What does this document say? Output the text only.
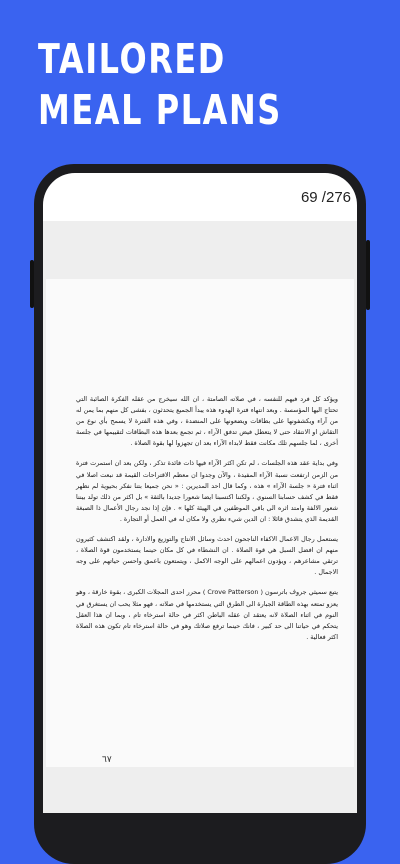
TAILORED
MEAL PLANS
69 /276

ويؤكد كل فرد فيهم للنفسه ، في صلاته الصامتة ، ان الله سيخرج من عقله الفكرة الصائبة التي تحتاج اليها المؤسسة . وبعد انتهاء فترة الهدوء هذه يبدأ الجميع يتحدثون ، بفشى كل منهم بما يمن له من آراء ويكشفونها على بطاقات ويضعونها على المنضدة ، وفي هذه الفترة لا يسمح بأي نوع من التقاش او الانتقاد حتى لا يتعطل فيض تدفق الآراء ، ثم تجمع بعدها هذه البطاقات لتقييمها في جلسة أخرى ، لما جلسهم تلك مكانت فقط لابداء الآراء بعد ان تجهزوا لها بقوة الصلاة .

وفي بداية عقد هذه الجلسات ، لم تكن اكثر الآراء فيها ذات فائدة تذكر ، ولكن بعد ان استمرت فترة من الزمن ارتفعت نسبة الآراء المفيدة ، والآن وجدوا ان معظم الاقتراحات القيمة قد نبعت اصلا في اثناء فترة « جلسة الآراء » هذه ، وكما قال احد المديرين : « نحن جميعا بتنا نفكر بحيوية لم نظهر فقط في كشف حسابنا السنوي ، ولكننا اكتسبنا ايضا شعورا جديدا بالثقة » بل اكثر من ذلك تولد بيننا شعور الالفة وامتد اثره الى باقي الموظفين في الهيئة كلها » . فإن إذا نجد رجال الأعمال ذا الصبغة القديمة الذي يتشدق قائلا : ان الدين شيء نظري ولا مكان له في العمل أو التجارة .

يستعمل رجال الاعمال الاكفاء الناجحون احدث وسائل الانتاج والتوزيع والادارة ، ولقد اكتشف كثيرون منهم ان افضل السبل هي قوة الصلاة . ان النشطاء في كل مكان حينما يستخدمون قوة الصلاة ، ترتقي مشاعرهم ، ويؤدون اعمالهم على الوجه الاكمل ، ويتمتعون باعمق واحسن حياتهم على وجه الاجمال .

يتبع سميثي جروف باترسون ( Crove Patterson ) محرر احدى المجلات الكبرى ، بقوة خارقة ، وهو يعزو تمتعه بهذه الطاقة الجبارة الى الطرق التي يستخدمها في صلاته ، فهو مثلا يحب ان يستغرق في النوم في اثناء الصلاة لانه يعتقد ان عقله الباطن اكثر في حالة استرخاء تام ، وبما ان هذا العقل يتحكم في حياتنا الى حد كبير ، فانك حينما ترفع صلاتك وهو في حالة استرخاء تام تكون هذه الصلاة اكثر فعالية .

٦٧
